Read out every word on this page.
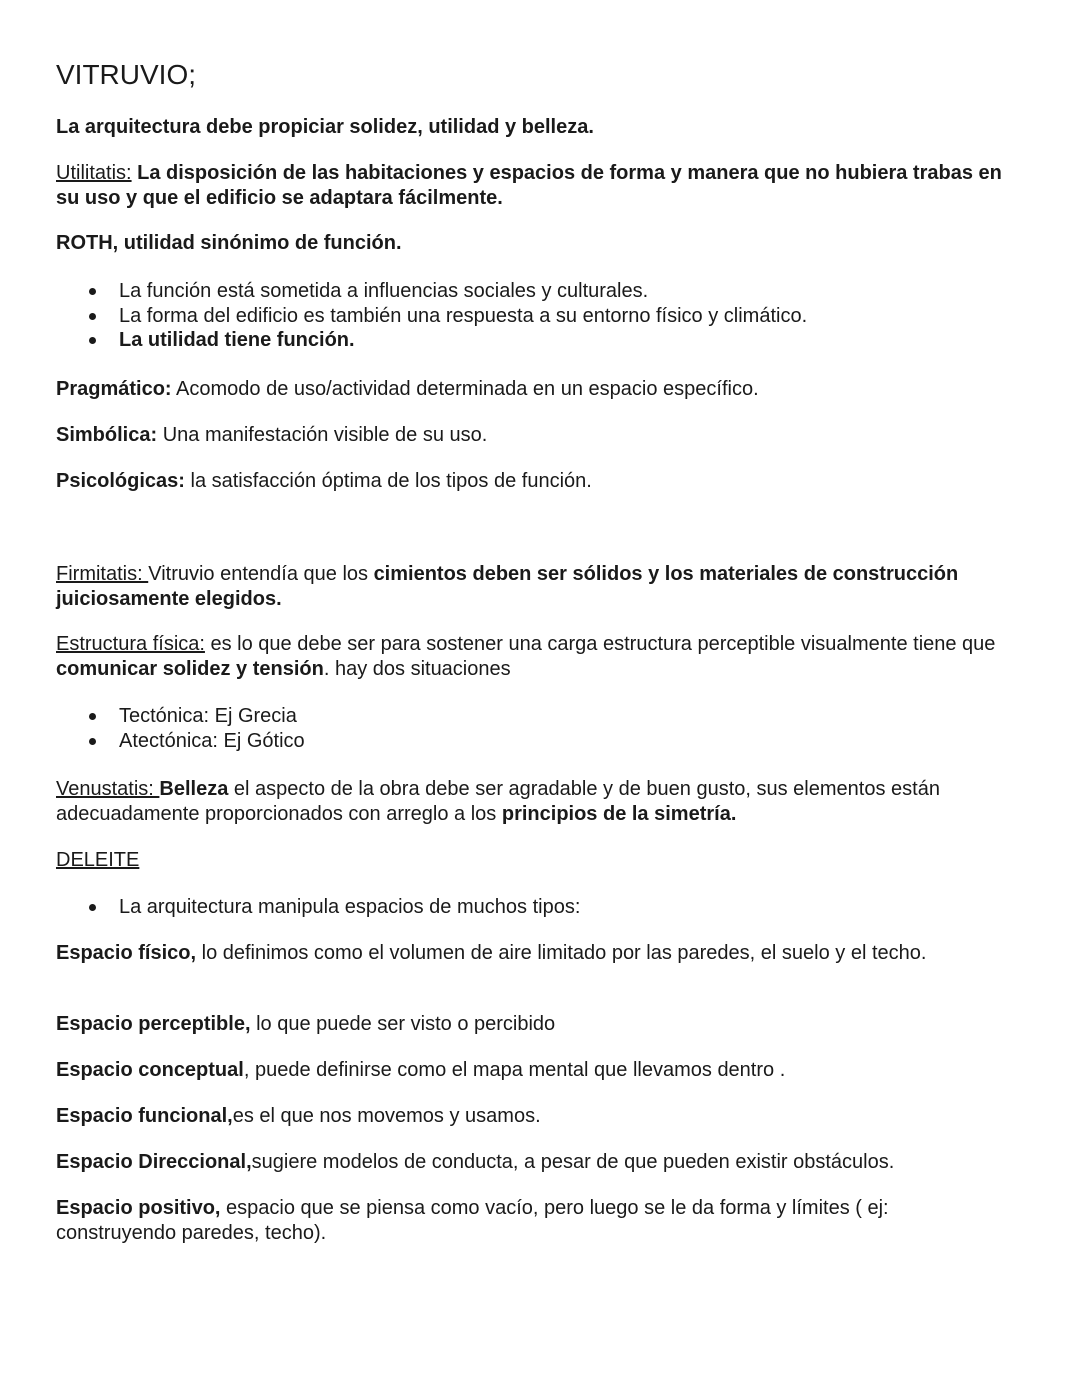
VITRUVIO;
La arquitectura debe propiciar solidez, utilidad y belleza.
Utilitatis: La disposición de las habitaciones y espacios de forma y manera que no hubiera trabas en su uso y que el edificio se adaptara fácilmente.
ROTH, utilidad sinónimo de función.
La función está sometida a influencias sociales y culturales.
La forma del edificio es también una respuesta a su entorno físico y climático.
La utilidad tiene función.
Pragmático: Acomodo de uso/actividad determinada en un espacio específico.
Simbólica: Una manifestación visible de su uso.
Psicológicas: la satisfacción óptima de los tipos de función.
Firmitatis: Vitruvio entendía que los cimientos deben ser sólidos y los materiales de construcción juiciosamente elegidos.
Estructura física: es lo que debe ser para sostener una carga estructura perceptible visualmente tiene que comunicar solidez y tensión. hay dos situaciones
Tectónica: Ej Grecia
Atectónica: Ej Gótico
Venustatis: Belleza el aspecto de la obra debe ser agradable y de buen gusto, sus elementos están adecuadamente proporcionados con arreglo a los principios de la simetría.
DELEITE
La arquitectura manipula espacios de muchos tipos:
Espacio físico, lo definimos como el volumen de aire limitado por las paredes, el suelo y el techo.
Espacio perceptible, lo que puede ser visto o percibido
Espacio conceptual, puede definirse como el mapa mental que llevamos dentro .
Espacio funcional,es el que nos movemos y usamos.
Espacio Direccional,sugiere modelos de conducta, a pesar de que pueden existir obstáculos.
Espacio positivo, espacio que se piensa como vacío, pero luego se le da forma y límites ( ej: construyendo paredes, techo).
